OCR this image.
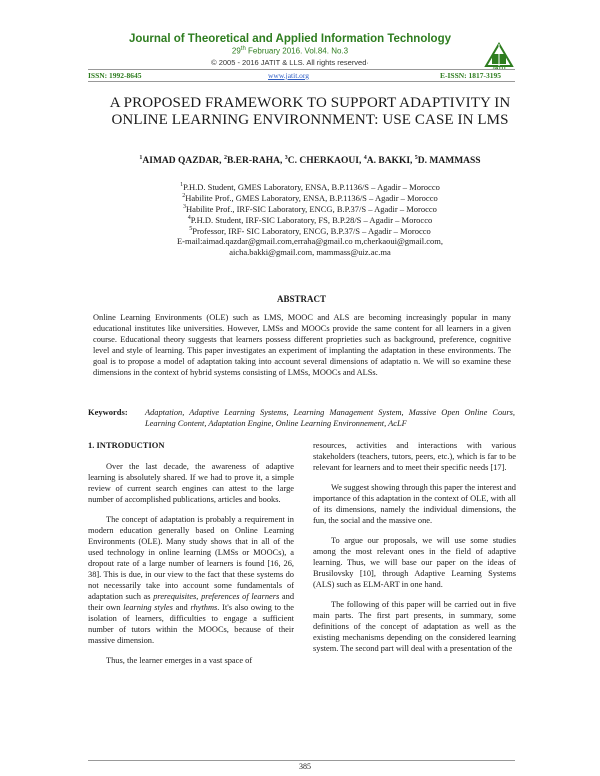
Journal of Theoretical and Applied Information Technology
29th February 2016. Vol.84. No.3
© 2005 - 2016 JATIT & LLS. All rights reserved·
JATIT
ISSN: 1992-8645	www.jatit.org	E-ISSN: 1817-3195
A PROPOSED FRAMEWORK TO SUPPORT ADAPTIVITY IN ONLINE LEARNING ENVIRONNMENT: USE CASE IN LMS
$^1$AIMAD QAZDAR, $^2$B.ER-RAHA, $^3$C. CHERKAOUI, $^4$A. BAKKI, $^5$D. MAMMASS
$^1$P.H.D. Student, GMES Laboratory, ENSA, B.P.1136/S – Agadir – Morocco
$^2$Habilite Prof., GMES Laboratory, ENSA, B.P.1136/S – Agadir – Morocco
$^3$Habilite Prof., IRF-SIC Laboratory, ENCG, B.P.37/S – Agadir – Morocco
$^4$P.H.D. Student, IRF-SIC Laboratory, FS, B.P.28/S – Agadir – Morocco
$^5$Professor, IRF- SIC Laboratory, ENCG, B.P.37/S – Agadir – Morocco
E-mail:aimad.qazdar@gmail.com,erraha@gmail.co m,cherkaoui@gmail.com,
aicha.bakki@gmail.com, mammass@uiz.ac.ma
ABSTRACT
Online Learning Environments (OLE) such as LMS, MOOC and ALS are becoming increasingly popular in many educational institutes like universities. However, LMSs and MOOCs provide the same content for all learners in a given course. Educational theory suggests that learners possess different proprieties such as background, preference, cognitive level and style of learning. This paper investigates an experiment of implanting the adaptation in these environments. The goal is to propose a model of adaptation taking into account several dimensions of adaptatio n. We will so examine these dimensions in the context of hybrid systems consisting of LMSs, MOOCs and ALSs.
Keywords: Adaptation, Adaptive Learning Systems, Learning Management System, Massive Open Online Cours, Learning Content, Adaptation Engine, Online Learning Environnement, AcLF
1. INTRODUCTION

Over the last decade, the awareness of adaptive learning is absolutely shared. If we had to prove it, a simple review of current search engines can attest to the large number of accomplished publications, articles and books.

The concept of adaptation is probably a requirement in modern education generally based on Online Learning Environments (OLE). Many study shows that in all of the used technology in online learning (LMSs or MOOCs), a dropout rate of a large number of learners is found [16, 26, 38]. This is due, in our view to the fact that these systems do not necessarily take into account some fundamentals of adaptation such as prerequisites, preferences of learners and their own learning styles and rhythms. It's also owing to the isolation of learners, difficulties to engage a sufficient number of tutors within the MOOCs, because of their massive dimension.

Thus, the learner emerges in a vast space of

resources, activities and interactions with various stakeholders (teachers, tutors, peers, etc.), which is far to be relevant for learners and to meet their specific needs [17].

We suggest showing through this paper the interest and importance of this adaptation in the context of OLE, with all of its dimensions, namely the individual dimensions, the fun, the social and the massive one.

To argue our proposals, we will use some studies among the most relevant ones in the field of adaptive learning. Thus, we will base our paper on the ideas of Brusilovsky [10], through Adaptive Learning Systems (ALS) such as ELM-ART in one hand.

The following of this paper will be carried out in five main parts. The first part presents, in summary, some definitions of the concept of adaptation as well as the existing mechanisms depending on the considered learning system. The second part will deal with a presentation of the

385
